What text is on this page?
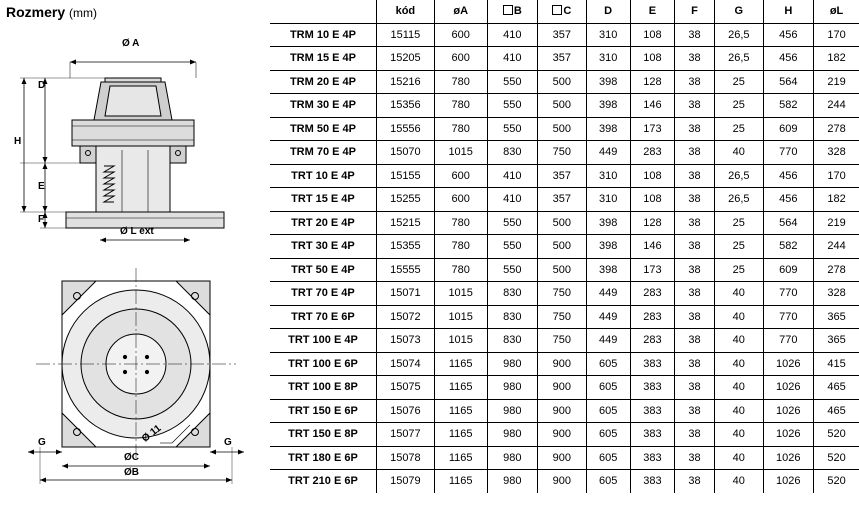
Rozmery (mm)
Ø A
D
H
E
F
Ø L ext
G	G
ØC
ØB
Ø 11
	kód	øA	B	C	D	E	F	G	H	øL
TRM 10 E 4P	15115	600	410	357	310	108	38	26,5	456	170
TRM 15 E 4P	15205	600	410	357	310	108	38	26,5	456	182
TRM 20 E 4P	15216	780	550	500	398	128	38	25	564	219
TRM 30 E 4P	15356	780	550	500	398	146	38	25	582	244
TRM 50 E 4P	15556	780	550	500	398	173	38	25	609	278
TRM 70 E 4P	15070	1015	830	750	449	283	38	40	770	328
TRT 10 E 4P	15155	600	410	357	310	108	38	26,5	456	170
TRT 15 E 4P	15255	600	410	357	310	108	38	26,5	456	182
TRT 20 E 4P	15215	780	550	500	398	128	38	25	564	219
TRT 30 E 4P	15355	780	550	500	398	146	38	25	582	244
TRT 50 E 4P	15555	780	550	500	398	173	38	25	609	278
TRT 70 E 4P	15071	1015	830	750	449	283	38	40	770	328
TRT 70 E 6P	15072	1015	830	750	449	283	38	40	770	365
TRT 100 E 4P	15073	1015	830	750	449	283	38	40	770	365
TRT 100 E 6P	15074	1165	980	900	605	383	38	40	1026	415
TRT 100 E 8P	15075	1165	980	900	605	383	38	40	1026	465
TRT 150 E 6P	15076	1165	980	900	605	383	38	40	1026	465
TRT 150 E 8P	15077	1165	980	900	605	383	38	40	1026	520
TRT 180 E 6P	15078	1165	980	900	605	383	38	40	1026	520
TRT 210 E 6P	15079	1165	980	900	605	383	38	40	1026	520
